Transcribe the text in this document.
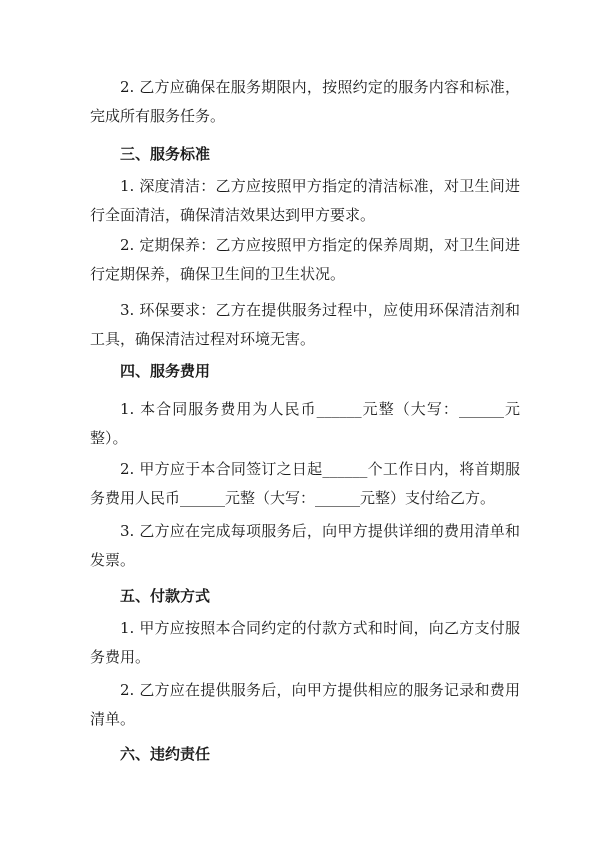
2. 乙方应确保在服务期限内，按照约定的服务内容和标准，完成所有服务任务。
三、服务标准
1. 深度清洁：乙方应按照甲方指定的清洁标准，对卫生间进行全面清洁，确保清洁效果达到甲方要求。
2. 定期保养：乙方应按照甲方指定的保养周期，对卫生间进行定期保养，确保卫生间的卫生状况。
3. 环保要求：乙方在提供服务过程中，应使用环保清洁剂和工具，确保清洁过程对环境无害。
四、服务费用
1. 本合同服务费用为人民币______元整（大写：______元整）。
2. 甲方应于本合同签订之日起______个工作日内，将首期服务费用人民币______元整（大写：______元整）支付给乙方。
3. 乙方应在完成每项服务后，向甲方提供详细的费用清单和发票。
五、付款方式
1. 甲方应按照本合同约定的付款方式和时间，向乙方支付服务费用。
2. 乙方应在提供服务后，向甲方提供相应的服务记录和费用清单。
六、违约责任
